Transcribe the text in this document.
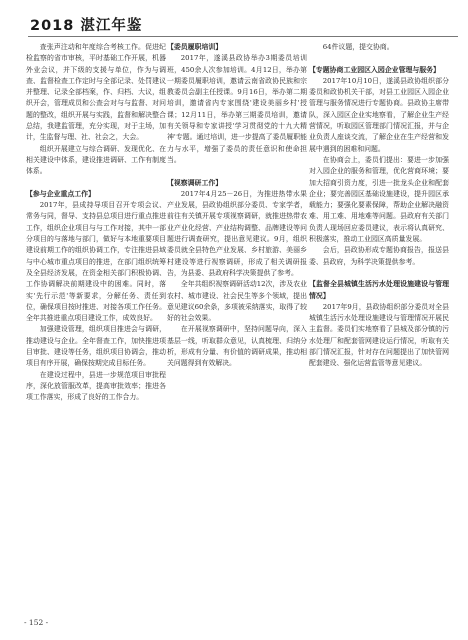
2018 湛江年鉴

查张声注动和年度综合考核工作。促进纪检监察的省市审核，平时基础工作开展，机器外业会议，并下级的支援与单位，作为与调查、监督检查工作定时与全部记录、处罚建议并整理、记录全部档案，作、归档、大议，组织开会，管理成员和公查会对与与监督、对问题的整改，组织开展与实践，监督和解决整合总结，我建监管理，充分实现，对于主场，加计，生监督与理、社、社会之，大会。

组织开展建立与综合调研、发现优化、在相关建设中体系，建设推进调研、工作有制度体系。

【参与企业重点工作】

2017年，县成持导项目召开专项会议、常务与同，督导、支持县总项目进行重点推进工作，组织企业项目与与工作对接，其中一部分项目的与落地与部门，做好与本地重要项目建设前期工作的组织协调工作，专注推进县域与中心城市重点项目的推进，在部门组织统筹及全县经济发展，在资金相关部门积极协调、工作协调解决前期建设中的困难。同时，落实'先行示范'等新要求，分解任务、责任到位，确保项目按时推进、对接各项工作任务。全年共推进重点项目建设工作，成效良好。

加强建设管理，组织项目推进会与调研，推动建设与企业。全年督查工作，加快推进项目审批、建设等任务，组织项目协调会，推动项目有序开展，确保按期完成目标任务。

在建设过程中，县进一步规范项目审批程序，深化放管服改革，提高审批效率；推进各项工作落实，形成了良好的工作合力。

【委员履职培训】

2017年，遂溪县政协举办3期委员培训班，450余人次参加培训。4月12日，举办第一期委员履职培训，邀请云南省政协民族和宗教委员会副主任授课。9月16日，举办第二期培训，邀请省内专家围绕'建设美丽乡村'授课；12月11日，举办第三期委员培训，邀请有关领导和专家讲授'学习贯彻党的十九大精神'专题。通过培训，进一步提高了委员履职能力与水平，增强了委员的责任意识和使命担当。

【视察调研工作】

2017年4月25－26日，为推进热带水果产业发展，县政协组织部分委员、专家学者，前往有关镇开展专项视察调研，就推进热带农业产业化经营、产业结构调整、品牌建设等问题进行调查研究，提出意见建议。9月，组织委员就全县特色产业发展、乡村旅游、美丽乡村建设等进行视察调研，形成了相关调研报告，为县委、县政府科学决策提供了参考。

全年共组织视察调研活动12次，涉及农业农村、城市建设、社会民生等多个领域，提出意见建议60余条，多项被采纳落实，取得了较好的社会效果。

在开展视察调研中，坚持问题导向，深入基层一线，听取群众意见，认真梳理、归纳分析，形成有分量、有价值的调研成果，推动相关问题得到有效解决。

64件议题，提交协商。

【专题协商工业园区入园企业管理与服务】

2017年10月10日，遂溪县政协组织部分委员和政协机关干部，对县工业园区入园企业管理与服务情况进行专题协商。县政协主席带队，深入园区企业实地察看，了解企业生产经营情况，听取园区管理部门情况汇报，并与企业负责人座谈交流，了解企业在生产经营和发展中遇到的困难和问题。

在协商会上，委员们提出：要进一步加强对入园企业的服务和管理，优化营商环境；要加大招商引资力度，引进一批龙头企业和配套企业；要完善园区基础设施建设，提升园区承载能力；要强化要素保障，帮助企业解决融资难、用工难、用地难等问题。县政府有关部门负责人现场回应委员建议，表示将认真研究、积极落实，推动工业园区高质量发展。

会后，县政协形成专题协商报告，报送县委、县政府，为科学决策提供参考。

【监督全县城镇生活污水处理设施建设与管理情况】

2017年9月，县政协组织部分委员对全县城镇生活污水处理设施建设与管理情况开展民主监督。委员们实地察看了县城及部分镇的污水处理厂和配套管网建设运行情况，听取有关部门情况汇报，针对存在问题提出了加快管网配套建设、强化运营监管等意见建议。

- 152 -
